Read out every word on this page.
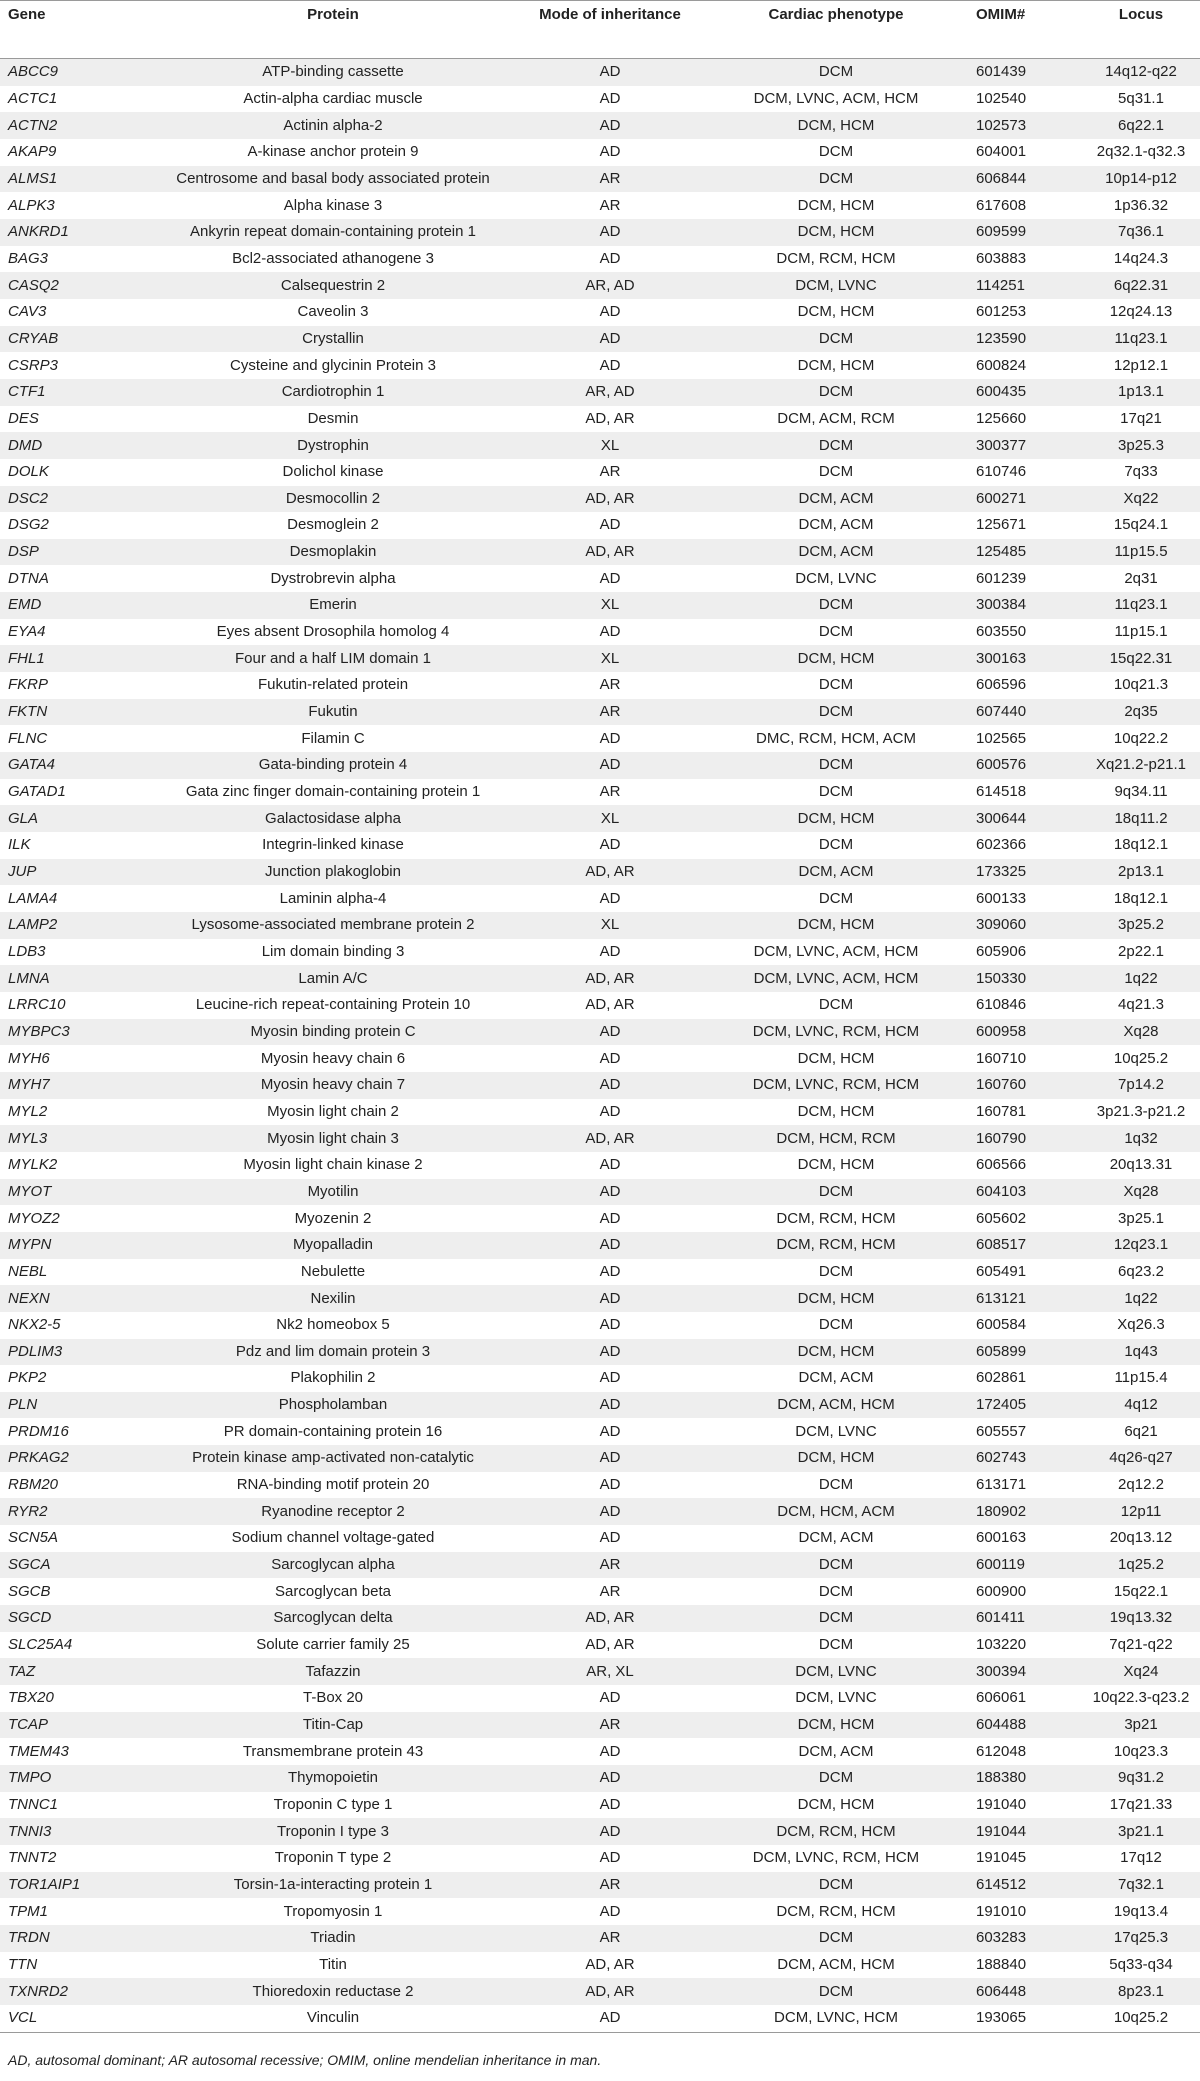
Gene	Protein	Mode of inheritance	Cardiac phenotype	OMIM#	Locus
ABCC9	ATP-binding cassette	AD	DCM	601439	14q12-q22
ACTC1	Actin-alpha cardiac muscle	AD	DCM, LVNC, ACM, HCM	102540	5q31.1
ACTN2	Actinin alpha-2	AD	DCM, HCM	102573	6q22.1
AKAP9	A-kinase anchor protein 9	AD	DCM	604001	2q32.1-q32.3
ALMS1	Centrosome and basal body associated protein	AR	DCM	606844	10p14-p12
ALPK3	Alpha kinase 3	AR	DCM, HCM	617608	1p36.32
ANKRD1	Ankyrin repeat domain-containing protein 1	AD	DCM, HCM	609599	7q36.1
BAG3	Bcl2-associated athanogene 3	AD	DCM, RCM, HCM	603883	14q24.3
CASQ2	Calsequestrin 2	AR, AD	DCM, LVNC	114251	6q22.31
CAV3	Caveolin 3	AD	DCM, HCM	601253	12q24.13
CRYAB	Crystallin	AD	DCM	123590	11q23.1
CSRP3	Cysteine and glycinin Protein 3	AD	DCM, HCM	600824	12p12.1
CTF1	Cardiotrophin 1	AR, AD	DCM	600435	1p13.1
DES	Desmin	AD, AR	DCM, ACM, RCM	125660	17q21
DMD	Dystrophin	XL	DCM	300377	3p25.3
DOLK	Dolichol kinase	AR	DCM	610746	7q33
DSC2	Desmocollin 2	AD, AR	DCM, ACM	600271	Xq22
DSG2	Desmoglein 2	AD	DCM, ACM	125671	15q24.1
DSP	Desmoplakin	AD, AR	DCM, ACM	125485	11p15.5
DTNA	Dystrobrevin alpha	AD	DCM, LVNC	601239	2q31
EMD	Emerin	XL	DCM	300384	11q23.1
EYA4	Eyes absent Drosophila homolog 4	AD	DCM	603550	11p15.1
FHL1	Four and a half LIM domain 1	XL	DCM, HCM	300163	15q22.31
FKRP	Fukutin-related protein	AR	DCM	606596	10q21.3
FKTN	Fukutin	AR	DCM	607440	2q35
FLNC	Filamin C	AD	DMC, RCM, HCM, ACM	102565	10q22.2
GATA4	Gata-binding protein 4	AD	DCM	600576	Xq21.2-p21.1
GATAD1	Gata zinc finger domain-containing protein 1	AR	DCM	614518	9q34.11
GLA	Galactosidase alpha	XL	DCM, HCM	300644	18q11.2
ILK	Integrin-linked kinase	AD	DCM	602366	18q12.1
JUP	Junction plakoglobin	AD, AR	DCM, ACM	173325	2p13.1
LAMA4	Laminin alpha-4	AD	DCM	600133	18q12.1
LAMP2	Lysosome-associated membrane protein 2	XL	DCM, HCM	309060	3p25.2
LDB3	Lim domain binding 3	AD	DCM, LVNC, ACM, HCM	605906	2p22.1
LMNA	Lamin A/C	AD, AR	DCM, LVNC, ACM, HCM	150330	1q22
LRRC10	Leucine-rich repeat-containing Protein 10	AD, AR	DCM	610846	4q21.3
MYBPC3	Myosin binding protein C	AD	DCM, LVNC, RCM, HCM	600958	Xq28
MYH6	Myosin heavy chain 6	AD	DCM, HCM	160710	10q25.2
MYH7	Myosin heavy chain 7	AD	DCM, LVNC, RCM, HCM	160760	7p14.2
MYL2	Myosin light chain 2	AD	DCM, HCM	160781	3p21.3-p21.2
MYL3	Myosin light chain 3	AD, AR	DCM, HCM, RCM	160790	1q32
MYLK2	Myosin light chain kinase 2	AD	DCM, HCM	606566	20q13.31
MYOT	Myotilin	AD	DCM	604103	Xq28
MYOZ2	Myozenin 2	AD	DCM, RCM, HCM	605602	3p25.1
MYPN	Myopalladin	AD	DCM, RCM, HCM	608517	12q23.1
NEBL	Nebulette	AD	DCM	605491	6q23.2
NEXN	Nexilin	AD	DCM, HCM	613121	1q22
NKX2-5	Nk2 homeobox 5	AD	DCM	600584	Xq26.3
PDLIM3	Pdz and lim domain protein 3	AD	DCM, HCM	605899	1q43
PKP2	Plakophilin 2	AD	DCM, ACM	602861	11p15.4
PLN	Phospholamban	AD	DCM, ACM, HCM	172405	4q12
PRDM16	PR domain-containing protein 16	AD	DCM, LVNC	605557	6q21
PRKAG2	Protein kinase amp-activated non-catalytic	AD	DCM, HCM	602743	4q26-q27
RBM20	RNA-binding motif protein 20	AD	DCM	613171	2q12.2
RYR2	Ryanodine receptor 2	AD	DCM, HCM, ACM	180902	12p11
SCN5A	Sodium channel voltage-gated	AD	DCM, ACM	600163	20q13.12
SGCA	Sarcoglycan alpha	AR	DCM	600119	1q25.2
SGCB	Sarcoglycan beta	AR	DCM	600900	15q22.1
SGCD	Sarcoglycan delta	AD, AR	DCM	601411	19q13.32
SLC25A4	Solute carrier family 25	AD, AR	DCM	103220	7q21-q22
TAZ	Tafazzin	AR, XL	DCM, LVNC	300394	Xq24
TBX20	T-Box 20	AD	DCM, LVNC	606061	10q22.3-q23.2
TCAP	Titin-Cap	AR	DCM, HCM	604488	3p21
TMEM43	Transmembrane protein 43	AD	DCM, ACM	612048	10q23.3
TMPO	Thymopoietin	AD	DCM	188380	9q31.2
TNNC1	Troponin C type 1	AD	DCM, HCM	191040	17q21.33
TNNI3	Troponin I type 3	AD	DCM, RCM, HCM	191044	3p21.1
TNNT2	Troponin T type 2	AD	DCM, LVNC, RCM, HCM	191045	17q12
TOR1AIP1	Torsin-1a-interacting protein 1	AR	DCM	614512	7q32.1
TPM1	Tropomyosin 1	AD	DCM, RCM, HCM	191010	19q13.4
TRDN	Triadin	AR	DCM	603283	17q25.3
TTN	Titin	AD, AR	DCM, ACM, HCM	188840	5q33-q34
TXNRD2	Thioredoxin reductase 2	AD, AR	DCM	606448	8p23.1
VCL	Vinculin	AD	DCM, LVNC, HCM	193065	10q25.2
AD, autosomal dominant; AR autosomal recessive; OMIM, online mendelian inheritance in man.
